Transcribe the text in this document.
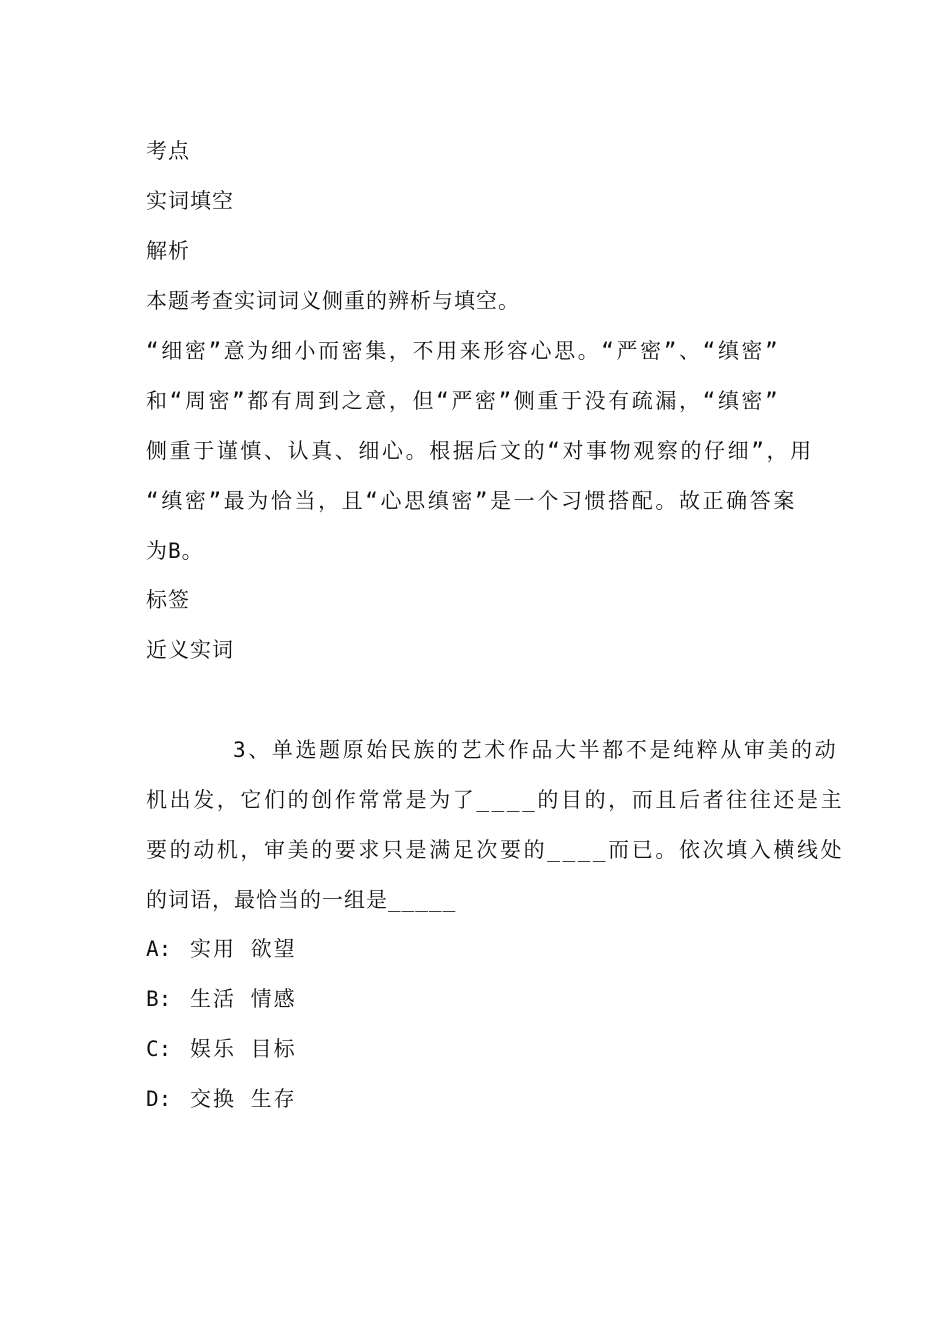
考点
实词填空
解析
本题考查实词词义侧重的辨析与填空。
“细密”意为细小而密集，不用来形容心思。“严密”、“缜密”
和“周密”都有周到之意，但“严密”侧重于没有疏漏，“缜密”
侧重于谨慎、认真、细心。根据后文的“对事物观察的仔细”，用
“缜密”最为恰当，且“心思缜密”是一个习惯搭配。故正确答案
为B。
标签
近义实词
3、单选题原始民族的艺术作品大半都不是纯粹从审美的动
机出发，它们的创作常常是为了____的目的，而且后者往往还是主
要的动机，审美的要求只是满足次要的____而已。依次填入横线处
的词语，最恰当的一组是_____
A: 实用 欲望
B: 生活 情感
C: 娱乐 目标
D: 交换 生存
